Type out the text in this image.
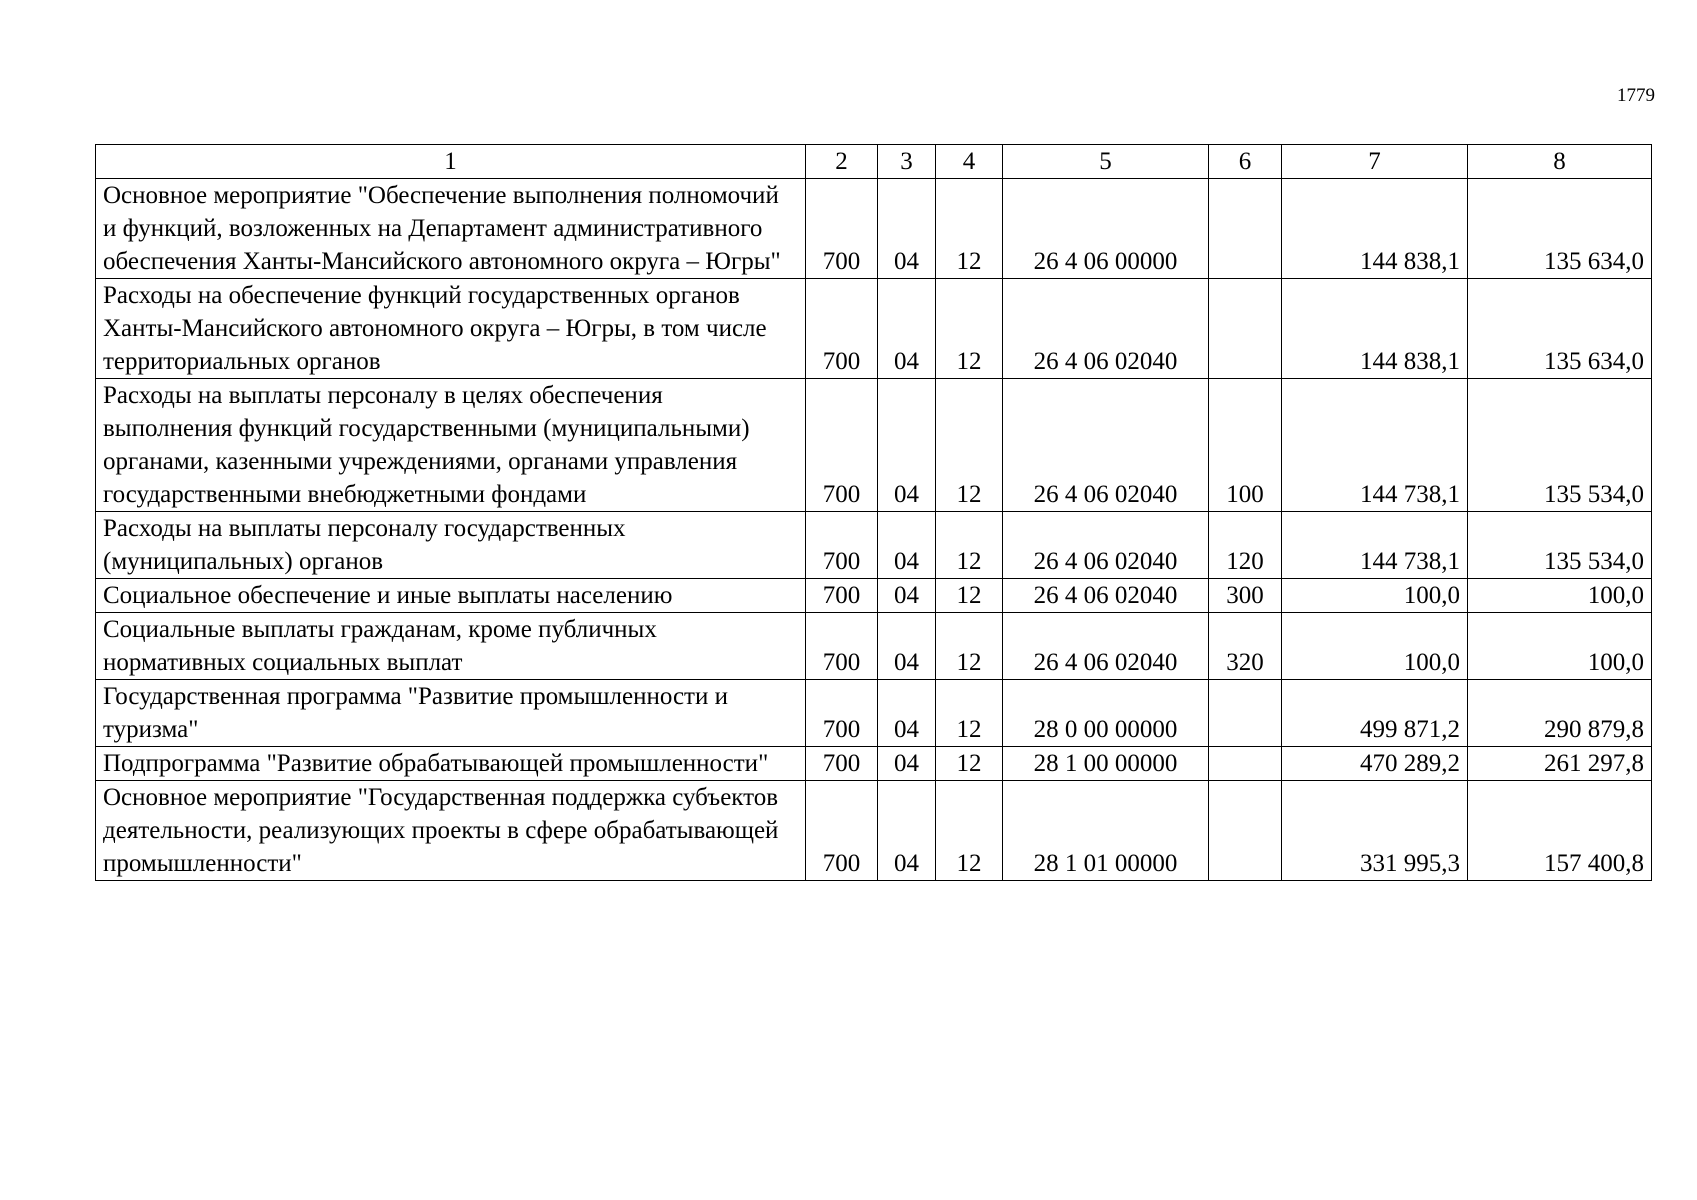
1779
1	2	3	4	5	6	7	8
Основное мероприятие "Обеспечение выполнения полномочий и функций, возложенных на Департамент административного обеспечения Ханты-Мансийского автономного округа – Югры"	700	04	12	26 4 06 00000		144 838,1	135 634,0
Расходы на обеспечение функций государственных органов Ханты-Мансийского автономного округа – Югры, в том числе территориальных органов	700	04	12	26 4 06 02040		144 838,1	135 634,0
Расходы на выплаты персоналу в целях обеспечения выполнения функций государственными (муниципальными) органами, казенными учреждениями, органами управления государственными внебюджетными фондами	700	04	12	26 4 06 02040	100	144 738,1	135 534,0
Расходы на выплаты персоналу государственных (муниципальных) органов	700	04	12	26 4 06 02040	120	144 738,1	135 534,0
Социальное обеспечение и иные выплаты населению	700	04	12	26 4 06 02040	300	100,0	100,0
Социальные выплаты гражданам, кроме публичных нормативных социальных выплат	700	04	12	26 4 06 02040	320	100,0	100,0
Государственная программа "Развитие промышленности и туризма"	700	04	12	28 0 00 00000		499 871,2	290 879,8
Подпрограмма "Развитие обрабатывающей промышленности"	700	04	12	28 1 00 00000		470 289,2	261 297,8
Основное мероприятие "Государственная поддержка субъектов деятельности, реализующих проекты в сфере обрабатывающей промышленности"	700	04	12	28 1 01 00000		331 995,3	157 400,8
